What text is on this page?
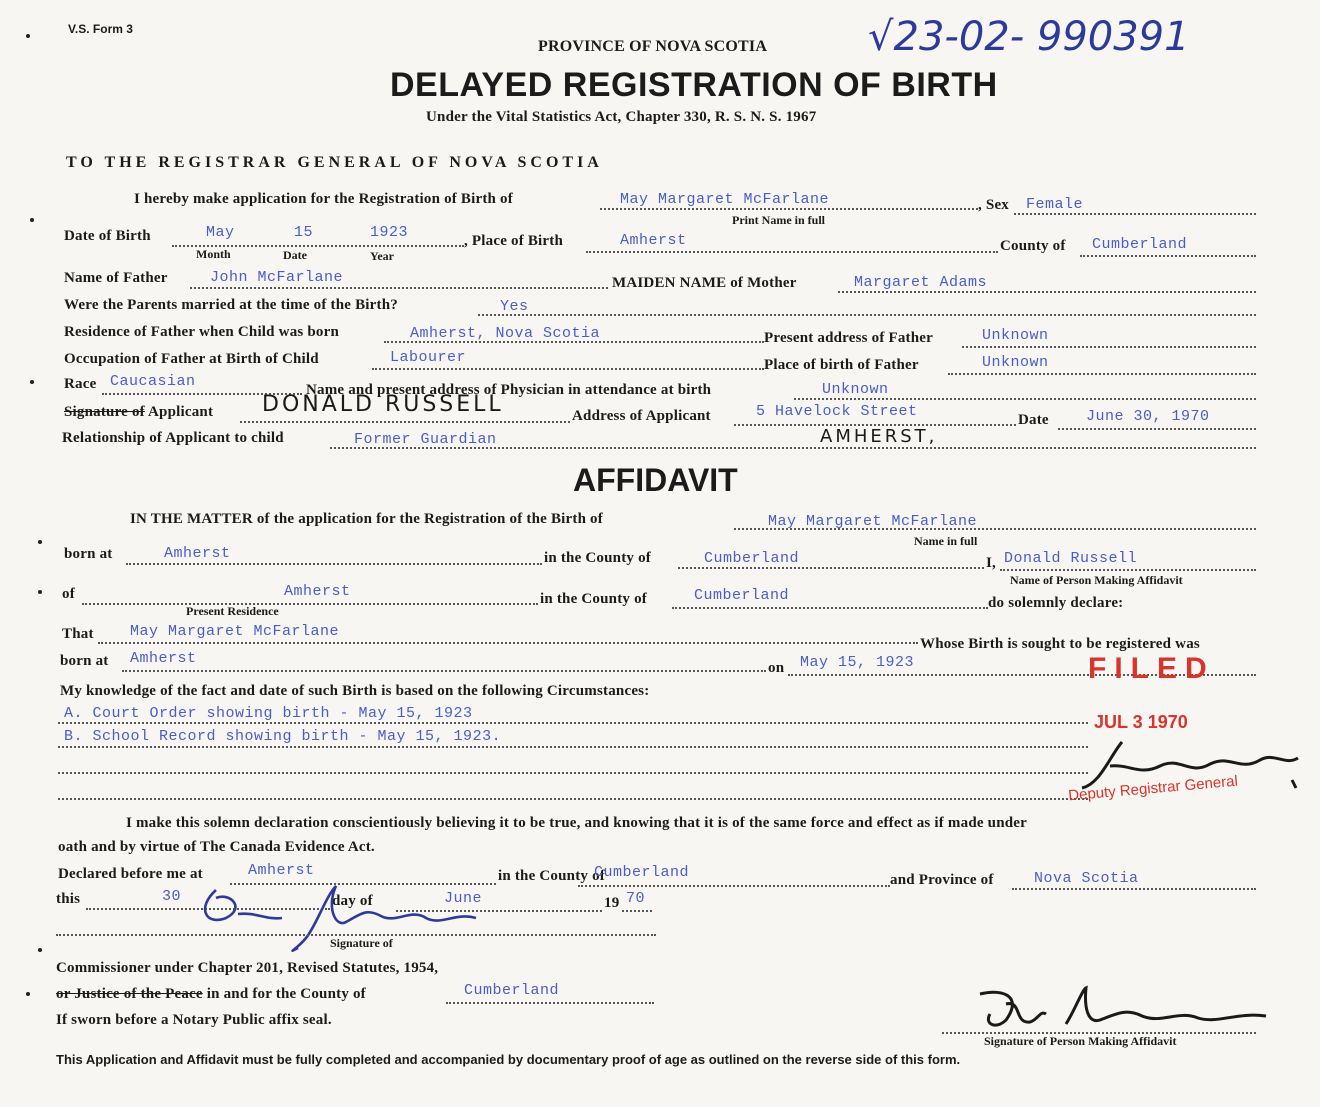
V.S. Form 3
PROVINCE OF NOVA SCOTIA
DELAYED REGISTRATION OF BIRTH
Under the Vital Statistics Act, Chapter 330, R. S. N. S. 1967
√23-02- 990391
TO THE REGISTRAR GENERAL OF NOVA SCOTIA
I hereby make application for the Registration of Birth of	May Margaret McFarlane
Print Name in full
, Sex Female
Date of Birth	May	15	1923
Month	Date	Year
, Place of Birth	Amherst	County of Cumberland
Name of Father	John McFarlane	MAIDEN NAME of Mother	Margaret Adams
Were the Parents married at the time of the Birth?	Yes
Residence of Father when Child was born	Amherst, Nova Scotia	Present address of Father	Unknown
Occupation of Father at Birth of Child	Labourer	Place of birth of Father	Unknown
Race Caucasian	Name and present address of Physician in attendance at birth	Unknown
Signature of Applicant DONALD RUSSELL	Address of Applicant	5 Havelock Street	Date June 30, 1970
Relationship of Applicant to child	Former Guardian	AMHERST,
AFFIDAVIT
IN THE MATTER of the application for the Registration of the Birth of	May Margaret McFarlane
Name in full
born at	Amherst	in the County of	Cumberland	I, Donald Russell
Name of Person Making Affidavit
of	Amherst
Present Residence
in the County of	Cumberland	do solemnly declare:
That May Margaret McFarlane
Whose Birth is sought to be registered was
born at Amherst
on May 15, 1923
My knowledge of the fact and date of such Birth is based on the following Circumstances:
A. Court Order showing birth - May 15, 1923
B. School Record showing birth - May 15, 1923.
FILED
JUL 3 1970
Deputy Registrar General
I make this solemn declaration conscientiously believing it to be true, and knowing that it is of the same force and effect as if made under
oath and by virtue of The Canada Evidence Act.
Declared before me at	Amherst	in the County of
Cumberland	and Province of	Nova Scotia
this	30	day of	June	19 70
Signature of
Commissioner under Chapter 201, Revised Statutes, 1954,
or Justice of the Peace in and for the County of	Cumberland
If sworn before a Notary Public affix seal.
Signature of Person Making Affidavit
This Application and Affidavit must be fully completed and accompanied by documentary proof of age as outlined on the reverse side of this form.
